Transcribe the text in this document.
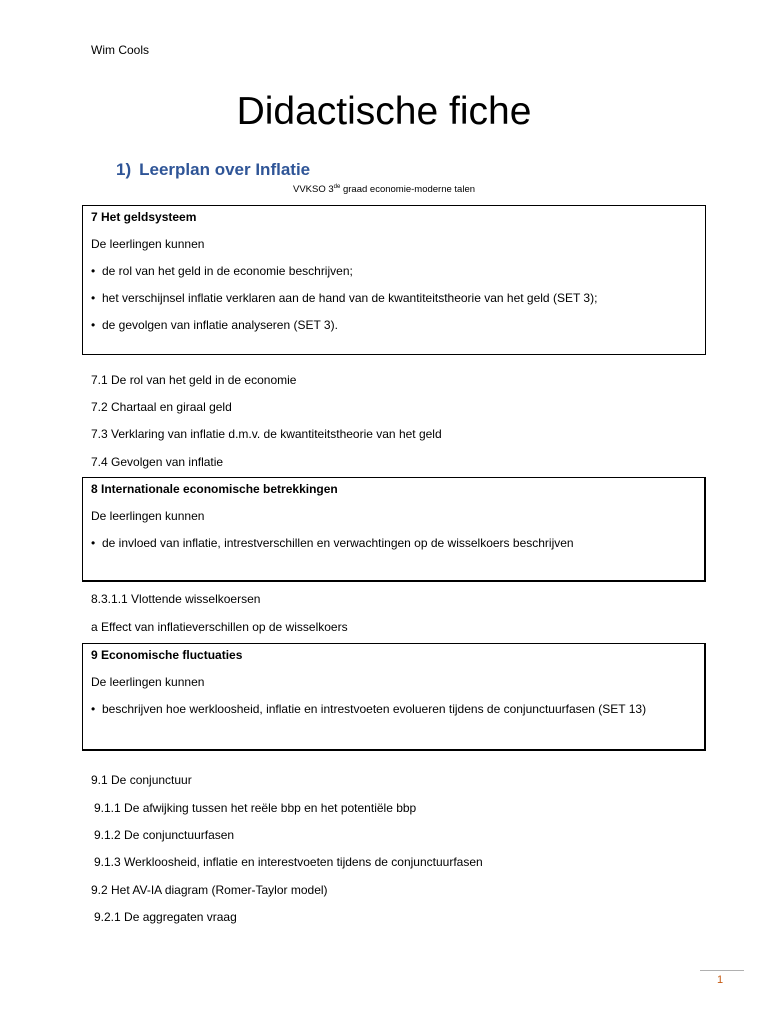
Wim Cools
Didactische fiche
1) Leerplan over Inflatie
VVKSO 3de graad economie-moderne talen

7 Het geldsysteem

De leerlingen kunnen

• de rol van het geld in de economie beschrijven;
• het verschijnsel inflatie verklaren aan de hand van de kwantiteitstheorie van het geld (SET 3);
• de gevolgen van inflatie analyseren (SET 3).
7.1 De rol van het geld in de economie
7.2 Chartaal en giraal geld
7.3 Verklaring van inflatie d.m.v. de kwantiteitstheorie van het geld
7.4 Gevolgen van inflatie

8 Internationale economische betrekkingen

De leerlingen kunnen

• de invloed van inflatie, intrestverschillen en verwachtingen op de wisselkoers beschrijven
8.3.1.1 Vlottende wisselkoersen
a Effect van inflatieverschillen op de wisselkoers

9 Economische fluctuaties

De leerlingen kunnen

• beschrijven hoe werkloosheid, inflatie en intrestvoeten evolueren tijdens de conjunctuurfasen (SET 13)
9.1 De conjunctuur
9.1.1 De afwijking tussen het reële bbp en het potentiële bbp
9.1.2 De conjunctuurfasen
9.1.3 Werkloosheid, inflatie en interestvoeten tijdens de conjunctuurfasen
9.2 Het AV-IA diagram (Romer-Taylor model)
9.2.1 De aggregaten vraag
1
